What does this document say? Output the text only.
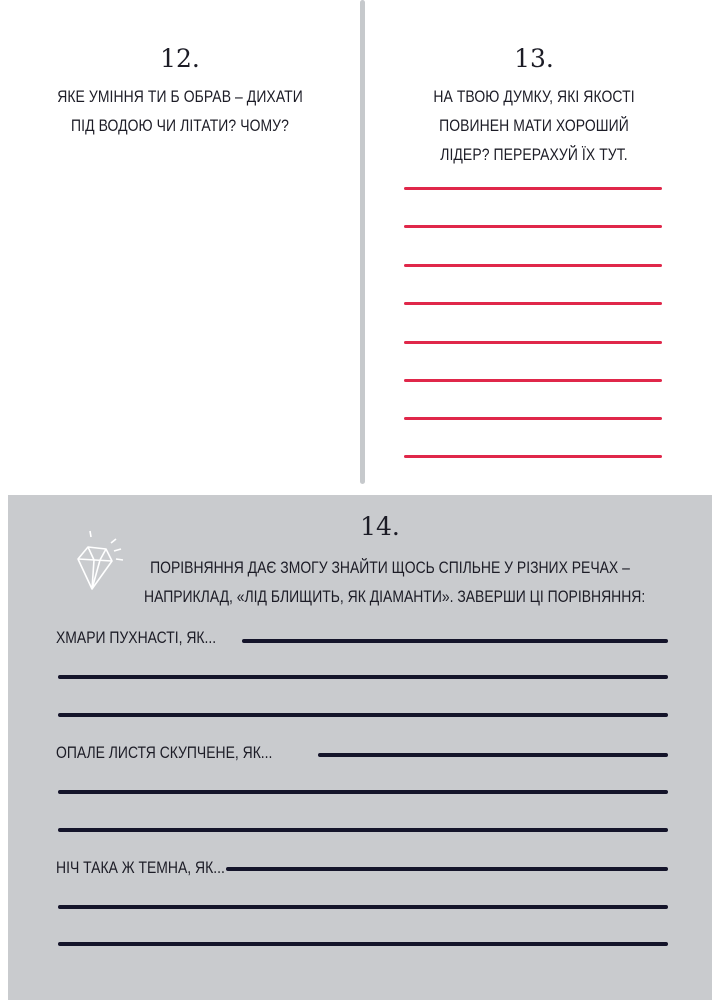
12.
ЯКЕ УМІННЯ ТИ Б ОБРАВ – ДИХАТИ
ПІД ВОДОЮ ЧИ ЛІТАТИ? ЧОМУ?
13.
НА ТВОЮ ДУМКУ, ЯКІ ЯКОСТІ
ПОВИНЕН МАТИ ХОРОШИЙ
ЛІДЕР? ПЕРЕРАХУЙ ЇХ ТУТ.
14.
ПОРІВНЯННЯ ДАЄ ЗМОГУ ЗНАЙТИ ЩОСЬ СПІЛЬНЕ У РІЗНИХ РЕЧАХ –
НАПРИКЛАД, «ЛІД БЛИЩИТЬ, ЯК ДІАМАНТИ». ЗАВЕРШИ ЦІ ПОРІВНЯННЯ:
ХМАРИ ПУХНАСТІ, ЯК...
ОПАЛЕ ЛИСТЯ СКУПЧЕНЕ, ЯК...
НІЧ ТАКА Ж ТЕМНА, ЯК...
